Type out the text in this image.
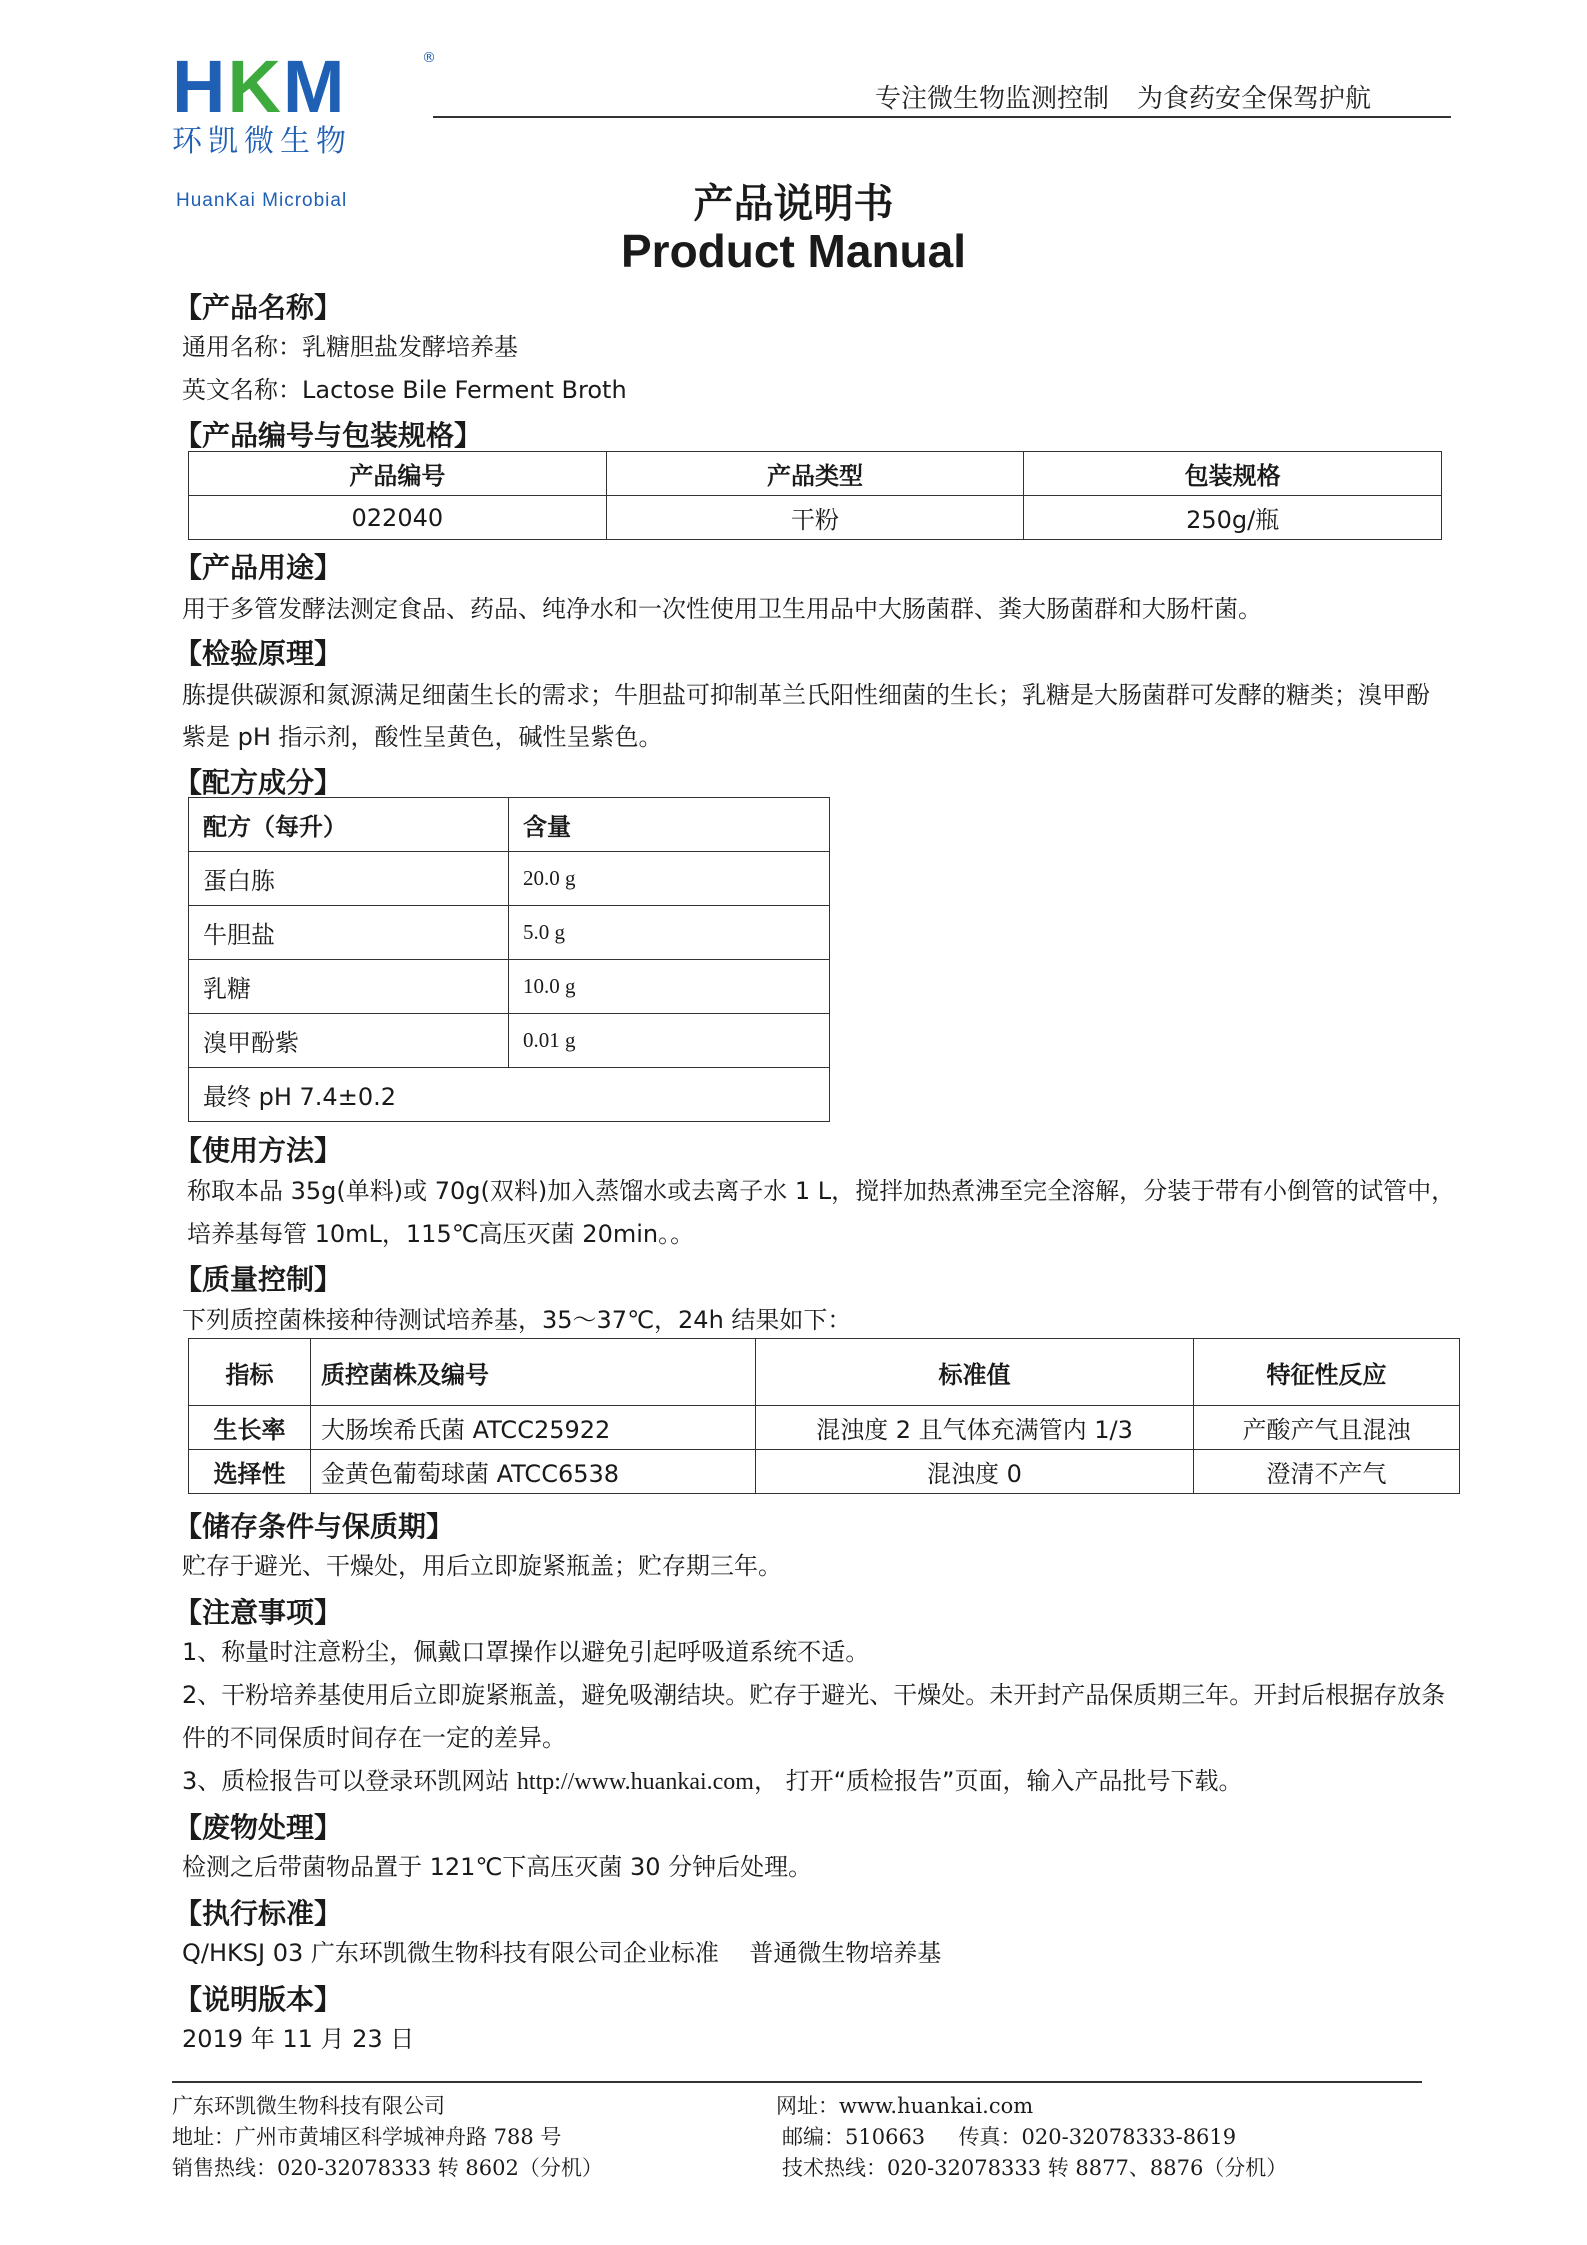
HKM	®
环凯微生物
HuanKai Microbial
专注微生物监测控制 为食药安全保驾护航
产品说明书
Product Manual
【产品名称】
通用名称：乳糖胆盐发酵培养基
英文名称：Lactose Bile Ferment Broth
【产品编号与包装规格】
产品编号	产品类型	包装规格
022040	干粉	250g/瓶
【产品用途】
用于多管发酵法测定食品、药品、纯净水和一次性使用卫生用品中大肠菌群、粪大肠菌群和大肠杆菌。
【检验原理】
胨提供碳源和氮源满足细菌生长的需求；牛胆盐可抑制革兰氏阳性细菌的生长；乳糖是大肠菌群可发酵的糖类；溴甲酚
紫是 pH 指示剂，酸性呈黄色，碱性呈紫色。
【配方成分】
配方（每升）	含量
蛋白胨	20.0 g
牛胆盐	5.0 g
乳糖	10.0 g
溴甲酚紫	0.01 g
最终 pH 7.4±0.2	
【使用方法】
称取本品 35g(单料)或 70g(双料)加入蒸馏水或去离子水 1 L，搅拌加热煮沸至完全溶解，分装于带有小倒管的试管中，
培养基每管 10mL，115℃高压灭菌 20min。。
【质量控制】
下列质控菌株接种待测试培养基，35～37℃，24h 结果如下：
指标	质控菌株及编号	标准值	特征性反应
生长率	大肠埃希氏菌 ATCC25922	混浊度 2 且气体充满管内 1/3	产酸产气且混浊
选择性	金黄色葡萄球菌 ATCC6538	混浊度 0	澄清不产气
【储存条件与保质期】
贮存于避光、干燥处，用后立即旋紧瓶盖；贮存期三年。
【注意事项】
1、称量时注意粉尘，佩戴口罩操作以避免引起呼吸道系统不适。
2、干粉培养基使用后立即旋紧瓶盖，避免吸潮结块。贮存于避光、干燥处。未开封产品保质期三年。开封后根据存放条
件的不同保质时间存在一定的差异。
3、质检报告可以登录环凯网站 http://www.huankai.com， 打开“质检报告”页面，输入产品批号下载。
【废物处理】
检测之后带菌物品置于 121℃下高压灭菌 30 分钟后处理。
【执行标准】
Q/HKSJ 03 广东环凯微生物科技有限公司企业标准    普通微生物培养基
【说明版本】
2019 年 11 月 23 日
广东环凯微生物科技有限公司
地址：广州市黄埔区科学城神舟路 788 号
销售热线：020-32078333 转 8602（分机）
网址：www.huankai.com
邮编：510663     传真：020-32078333-8619
技术热线：020-32078333 转 8877、8876（分机）
